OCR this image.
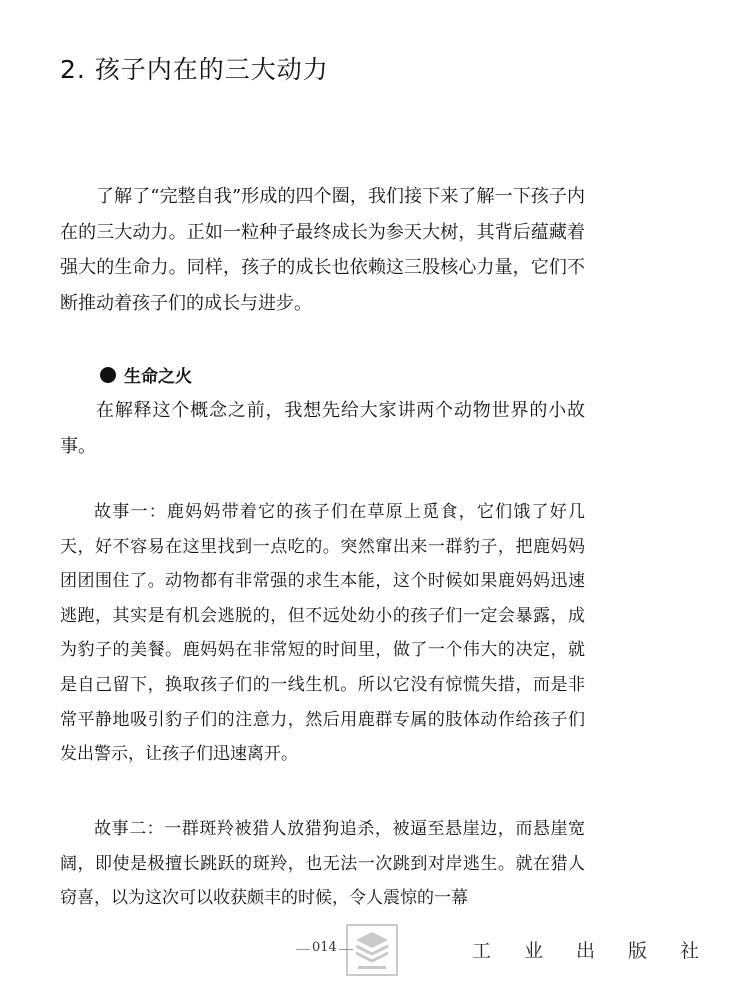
2. 孩子内在的三大动力

了解了“完整自我”形成的四个圈，我们接下来了解一下孩子内在的三大动力。正如一粒种子最终成长为参天大树，其背后蕴藏着强大的生命力。同样，孩子的成长也依赖这三股核心力量，它们不断推动着孩子们的成长与进步。

生命之火

在解释这个概念之前，我想先给大家讲两个动物世界的小故事。

故事一：鹿妈妈带着它的孩子们在草原上觅食，它们饿了好几天，好不容易在这里找到一点吃的。突然窜出来一群豹子，把鹿妈妈团团围住了。动物都有非常强的求生本能，这个时候如果鹿妈妈迅速逃跑，其实是有机会逃脱的，但不远处幼小的孩子们一定会暴露，成为豹子的美餐。鹿妈妈在非常短的时间里，做了一个伟大的决定，就是自己留下，换取孩子们的一线生机。所以它没有惊慌失措，而是非常平静地吸引豹子们的注意力，然后用鹿群专属的肢体动作给孩子们发出警示，让孩子们迅速离开。

故事二：一群斑羚被猎人放猎狗追杀，被逼至悬崖边，而悬崖宽阔，即使是极擅长跳跃的斑羚，也无法一次跳到对岸逃生。就在猎人窃喜，以为这次可以收获颇丰的时候，令人震惊的一幕

014	工业出版社
